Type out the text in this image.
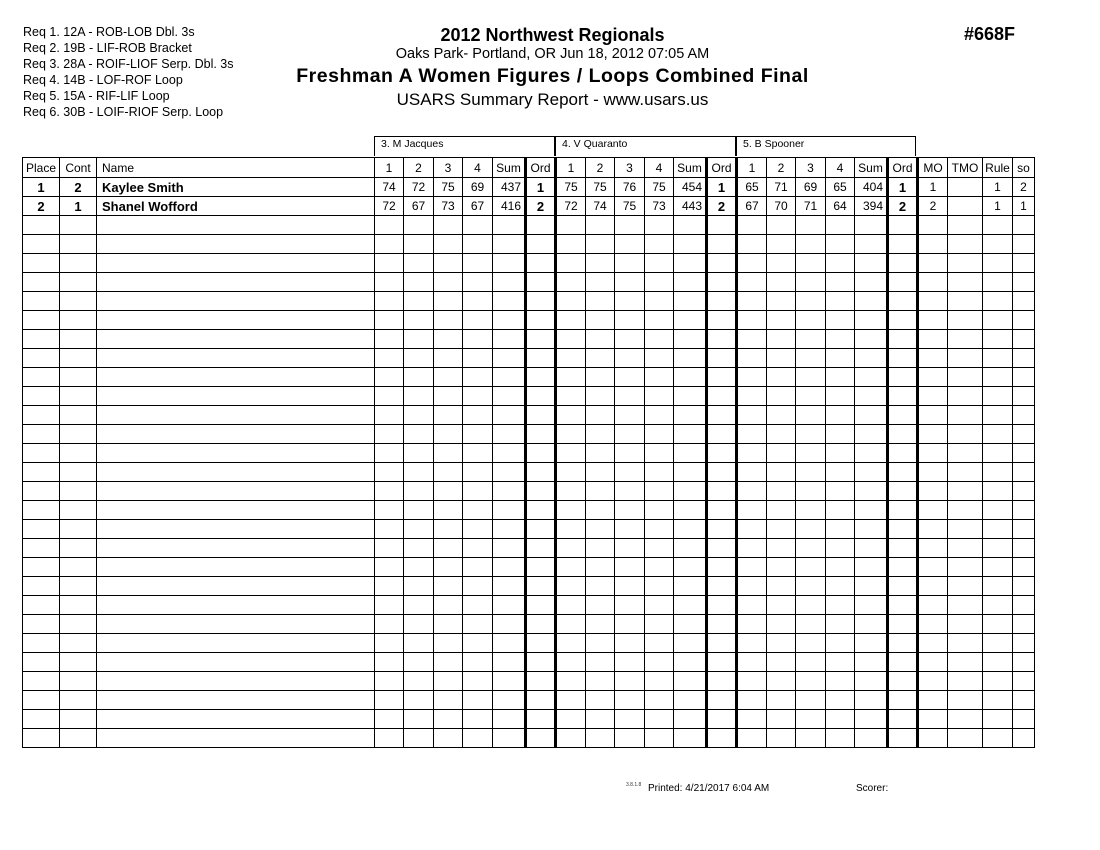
Req 1. 12A - ROB-LOB Dbl. 3s
Req 2. 19B - LIF-ROB Bracket
Req 3. 28A - ROIF-LIOF Serp. Dbl. 3s
Req 4. 14B - LOF-ROF Loop
Req 5. 15A - RIF-LIF Loop
Req 6. 30B - LOIF-RIOF Serp. Loop
2012 Northwest Regionals
Oaks Park- Portland, OR Jun 18, 2012 07:05 AM
Freshman A Women Figures / Loops Combined Final
USARS Summary Report - www.usars.us
#668F
3. M Jacques	4. V Quaranto	5. B Spooner
Place	Cont	Name	1	2	3	4	Sum	Ord	1	2	3	4	Sum	Ord	1	2	3	4	Sum	Ord	MO	TMO	Rule	so
1	2	Kaylee Smith	74	72	75	69	437	1	75	75	76	75	454	1	65	71	69	65	404	1	1		1	2
2	1	Shanel Wofford	72	67	73	67	416	2	72	74	75	73	443	2	67	70	71	64	394	2	2		1	1

3.8.1.8 Printed: 4/21/2017 6:04 AM	Scorer:
